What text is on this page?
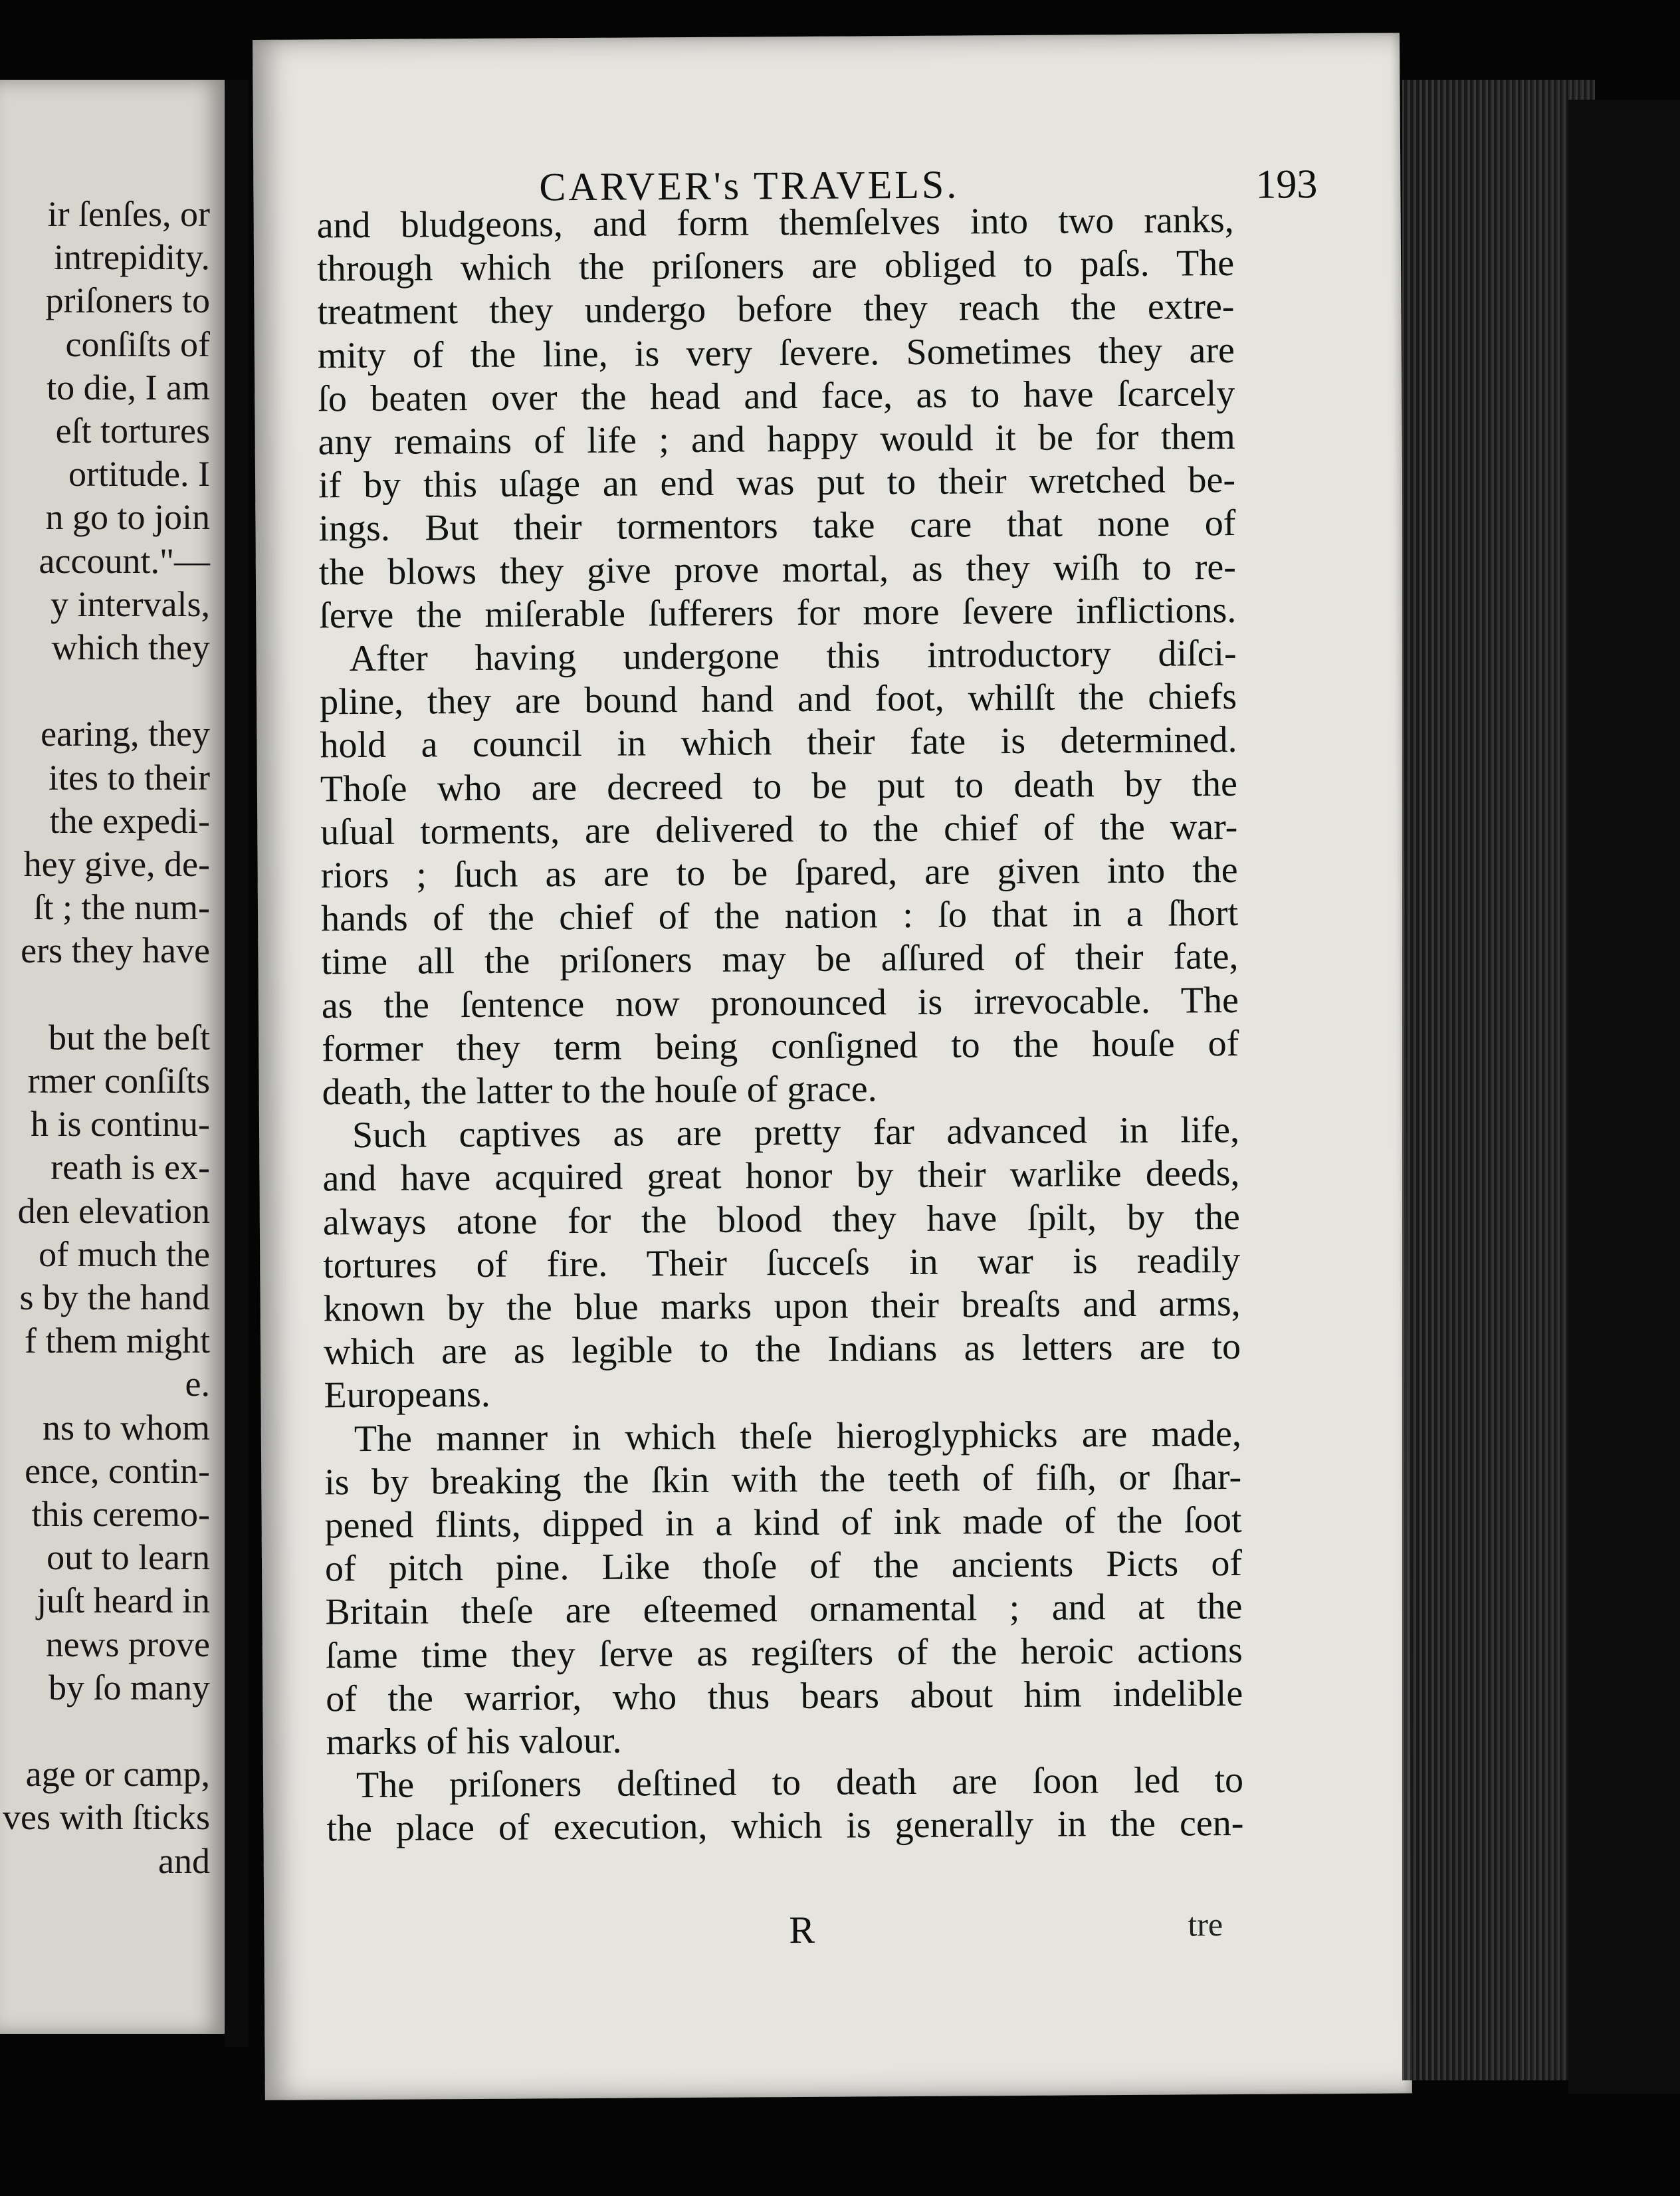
ir ſenſes, or
intrepidity.
priſoners to
conſiſts of
to die, I am
eſt tortures
ortitude. I
n go to join
account."—
y intervals,
which they
earing, they
ites to their
the expedi-
hey give, de-
ſt ; the num-
ers they have
but the beſt
rmer conſiſts
h is continu-
reath is ex-
den elevation
of much the
s by the hand
f them might
e.
ns to whom
ence, contin-
this ceremo-
out to learn
juſt heard in
news prove
by ſo many
age or camp,
ves with ſticks
and
CARVER's TRAVELS.	193
and bludgeons, and form themſelves into two ranks,
through which the priſoners are obliged to paſs. The
treatment they undergo before they reach the extre-
mity of the line, is very ſevere. Sometimes they are
ſo beaten over the head and face, as to have ſcarcely
any remains of life ; and happy would it be for them
if by this uſage an end was put to their wretched be-
ings. But their tormentors take care that none of
the blows they give prove mortal, as they wiſh to re-
ſerve the miſerable ſufferers for more ſevere inflictions.
After having undergone this introductory diſci-
pline, they are bound hand and foot, whilſt the chiefs
hold a council in which their fate is determined.
Thoſe who are decreed to be put to death by the
uſual torments, are delivered to the chief of the war-
riors ; ſuch as are to be ſpared, are given into the
hands of the chief of the nation : ſo that in a ſhort
time all the priſoners may be aſſured of their fate,
as the ſentence now pronounced is irrevocable. The
former they term being conſigned to the houſe of
death, the latter to the houſe of grace.
Such captives as are pretty far advanced in life,
and have acquired great honor by their warlike deeds,
always atone for the blood they have ſpilt, by the
tortures of fire. Their ſucceſs in war is readily
known by the blue marks upon their breaſts and arms,
which are as legible to the Indians as letters are to
Europeans.
The manner in which theſe hieroglyphicks are made,
is by breaking the ſkin with the teeth of fiſh, or ſhar-
pened flints, dipped in a kind of ink made of the ſoot
of pitch pine. Like thoſe of the ancients Picts of
Britain theſe are eſteemed ornamental ; and at the
ſame time they ſerve as regiſters of the heroic actions
of the warrior, who thus bears about him indelible
marks of his valour.
The priſoners deſtined to death are ſoon led to
the place of execution, which is generally in the cen-
R	tre
